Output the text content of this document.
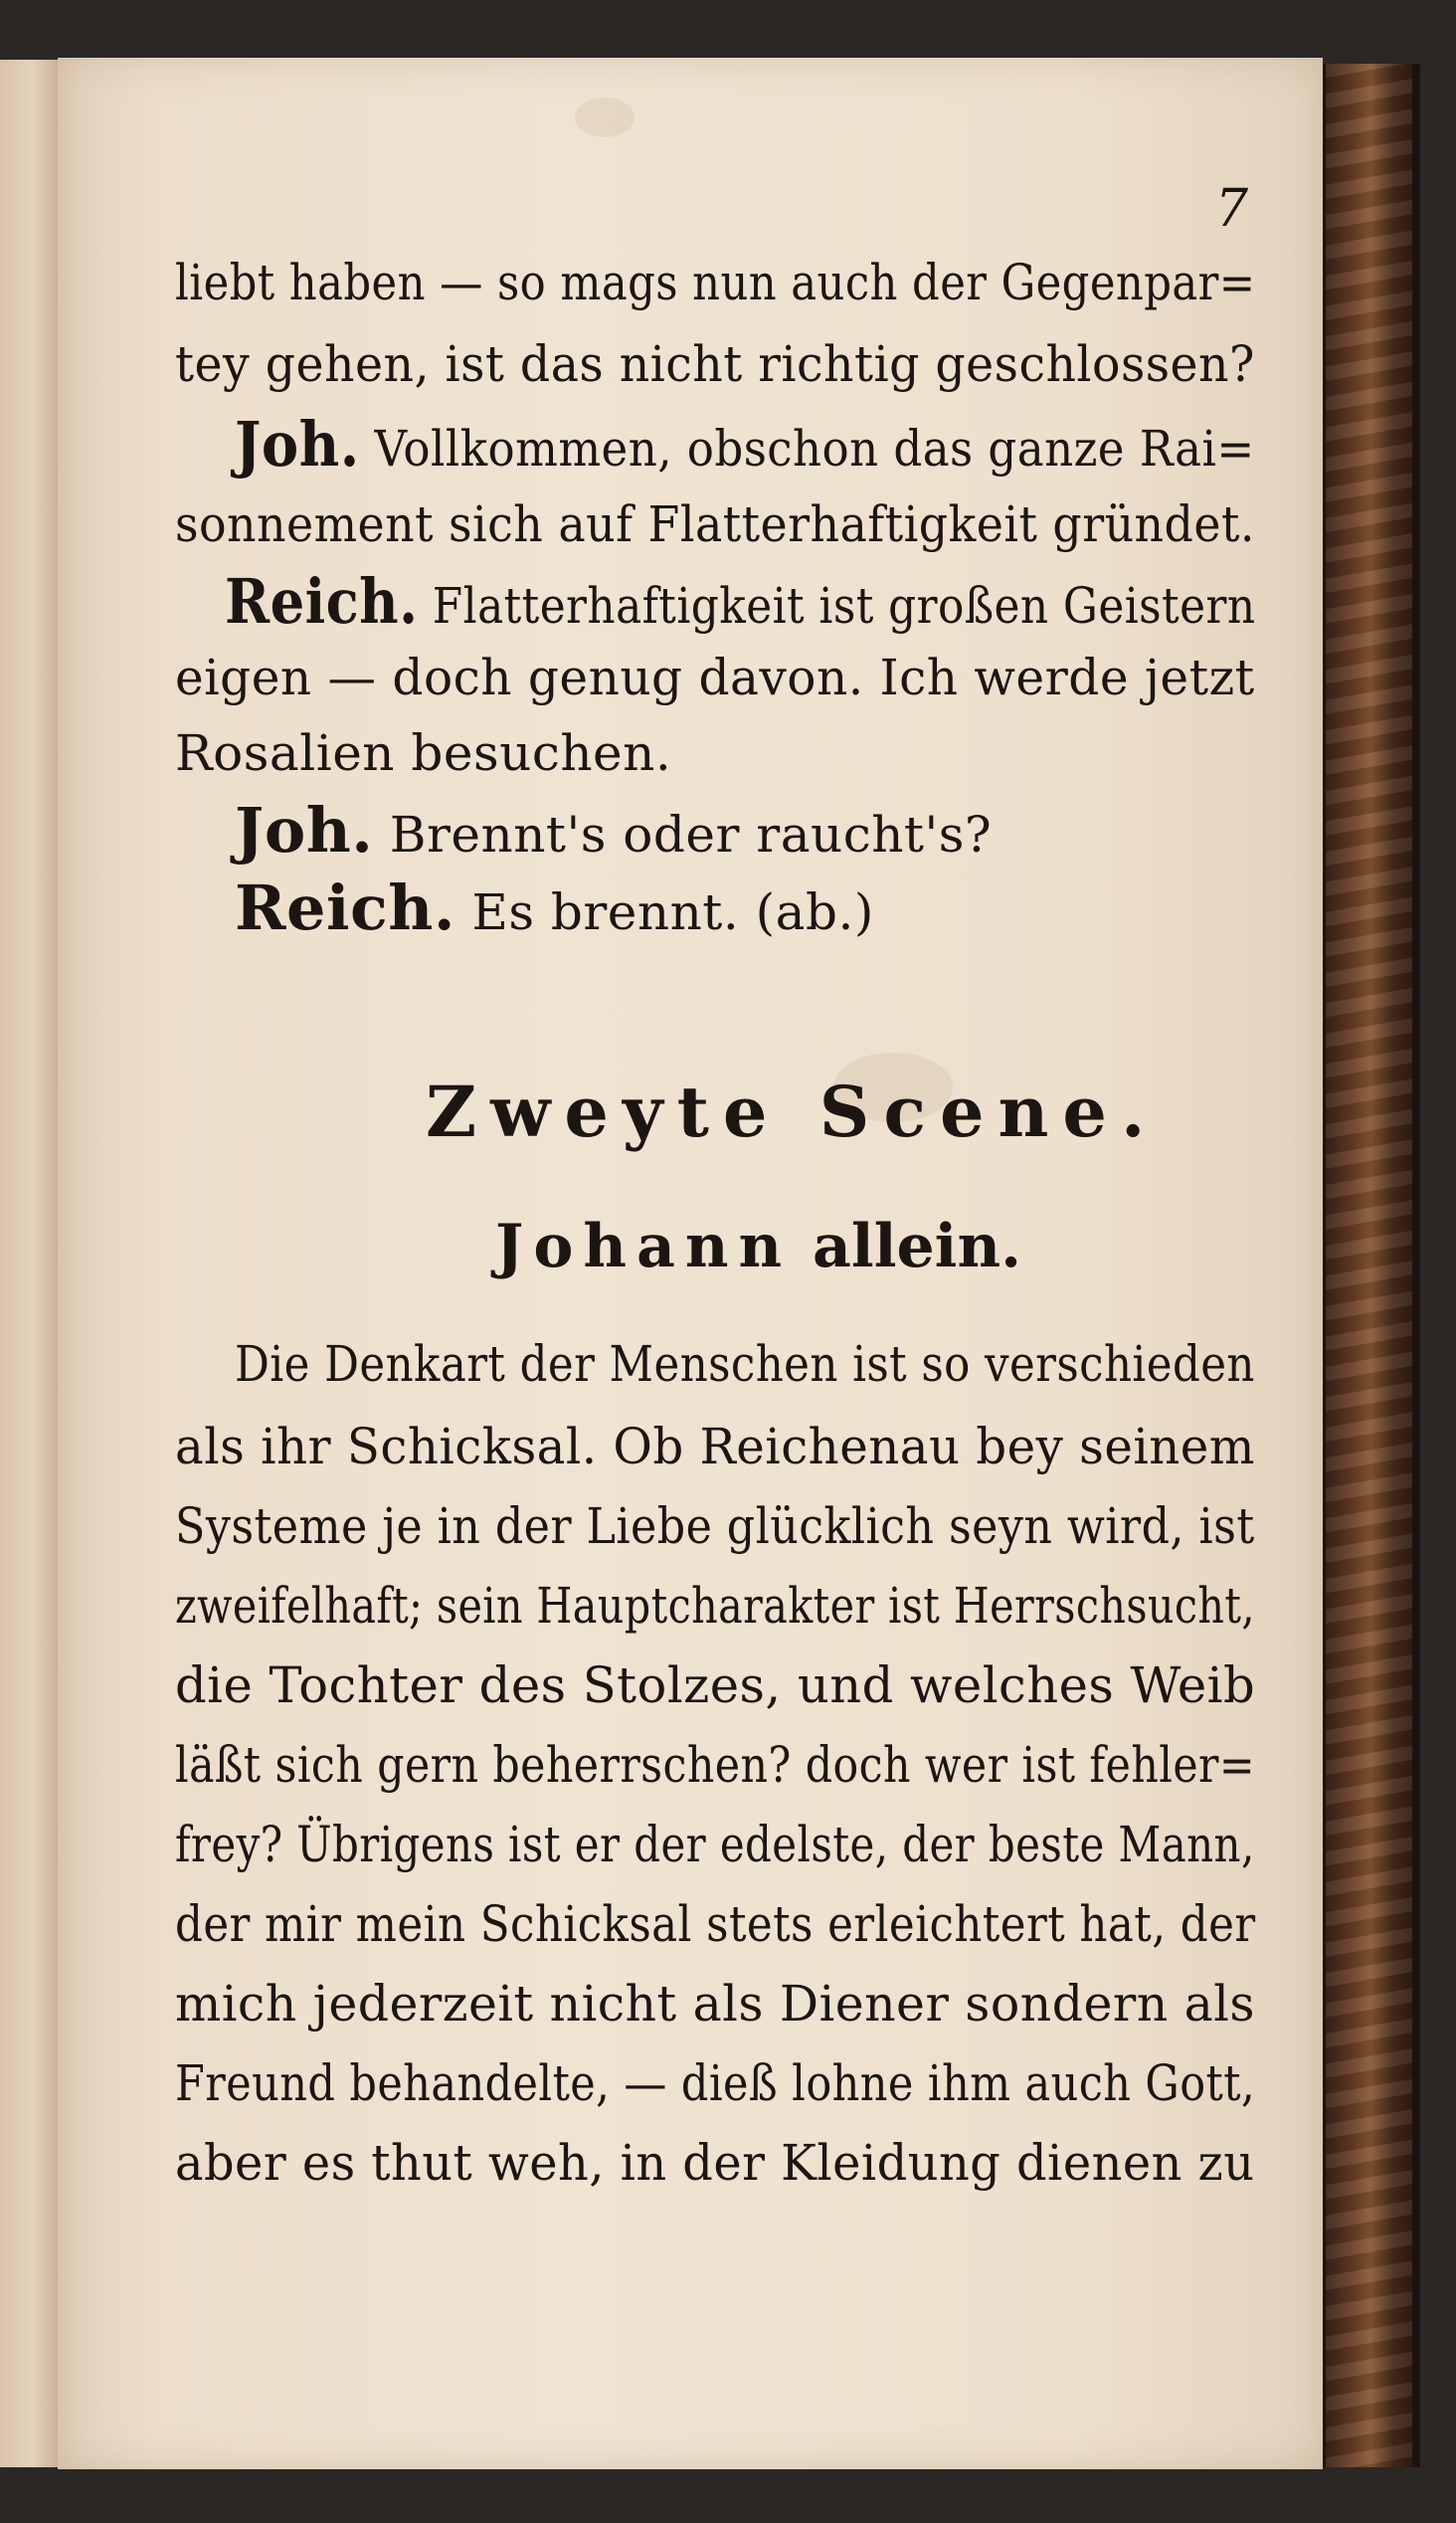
7
liebt haben — so mags nun auch der Gegenpar=
tey gehen, ist das nicht richtig geschlossen?
Joh. Vollkommen, obschon das ganze Rai=
sonnement sich auf Flatterhaftigkeit gründet.
Reich. Flatterhaftigkeit ist großen Geistern
eigen — doch genug davon. Ich werde jetzt
Rosalien besuchen.
Joh. Brennt's oder raucht's?
Reich. Es brennt. (ab.)
Zweyte Scene.
Johann allein.
Die Denkart der Menschen ist so verschieden
als ihr Schicksal. Ob Reichenau bey seinem
Systeme je in der Liebe glücklich seyn wird, ist
zweifelhaft; sein Hauptcharakter ist Herrschsucht,
die Tochter des Stolzes, und welches Weib
läßt sich gern beherrschen? doch wer ist fehler=
frey? Übrigens ist er der edelste, der beste Mann,
der mir mein Schicksal stets erleichtert hat, der
mich jederzeit nicht als Diener sondern als
Freund behandelte, — dieß lohne ihm auch Gott,
aber es thut weh, in der Kleidung dienen zu
